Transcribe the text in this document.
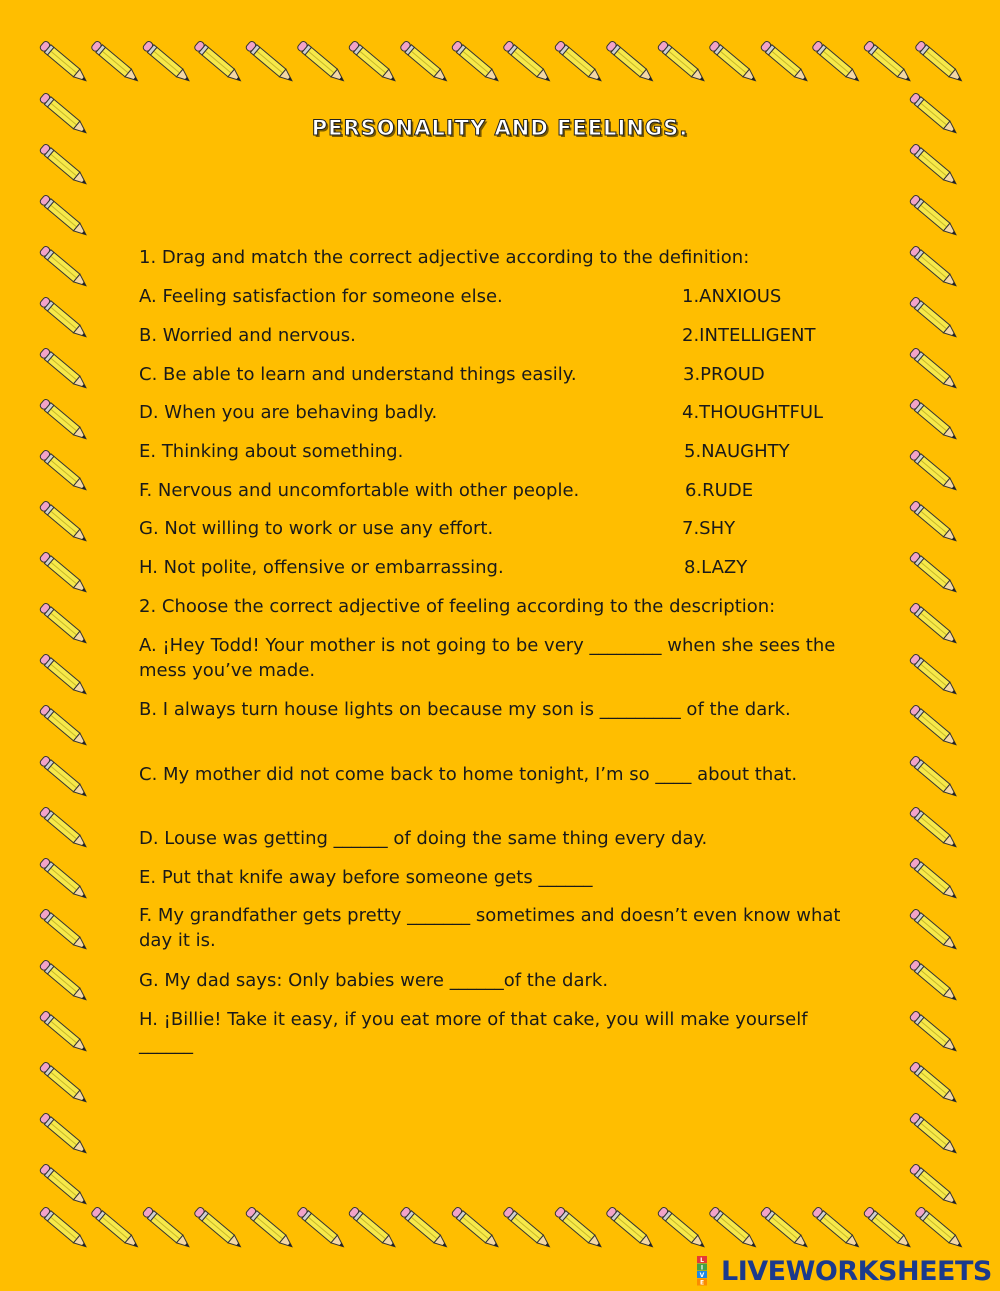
PERSONALITY AND FEELINGS.
1. Drag and match the correct adjective according to the definition:
A. Feeling satisfaction for someone else.	1.ANXIOUS
B. Worried and nervous.	2.INTELLIGENT
C. Be able to learn and understand things easily.	3.PROUD
D. When you are behaving badly.	4.THOUGHTFUL
E. Thinking about something.	5.NAUGHTY
F. Nervous and uncomfortable with other people.	6.RUDE
G. Not willing to work or use any effort.	7.SHY
H. Not polite, offensive or embarrassing.	8.LAZY
2. Choose the correct adjective of feeling according to the description:
A. ¡Hey Todd! Your mother is not going to be very ________ when she sees the mess you’ve made.
B. I always turn house lights on because my son is _________ of the dark.
C. My mother did not come back to home tonight, I’m so ____ about that.
D. Louse was getting ______ of doing the same thing every day.
E. Put that knife away before someone gets ______
F. My grandfather gets pretty _______ sometimes and doesn’t even know what day it is.
G. My dad says: Only babies were ______of the dark.
H. ¡Billie! Take it easy, if you eat more of that cake, you will make yourself ______
L
I
V
E LIVEWORKSHEETS
